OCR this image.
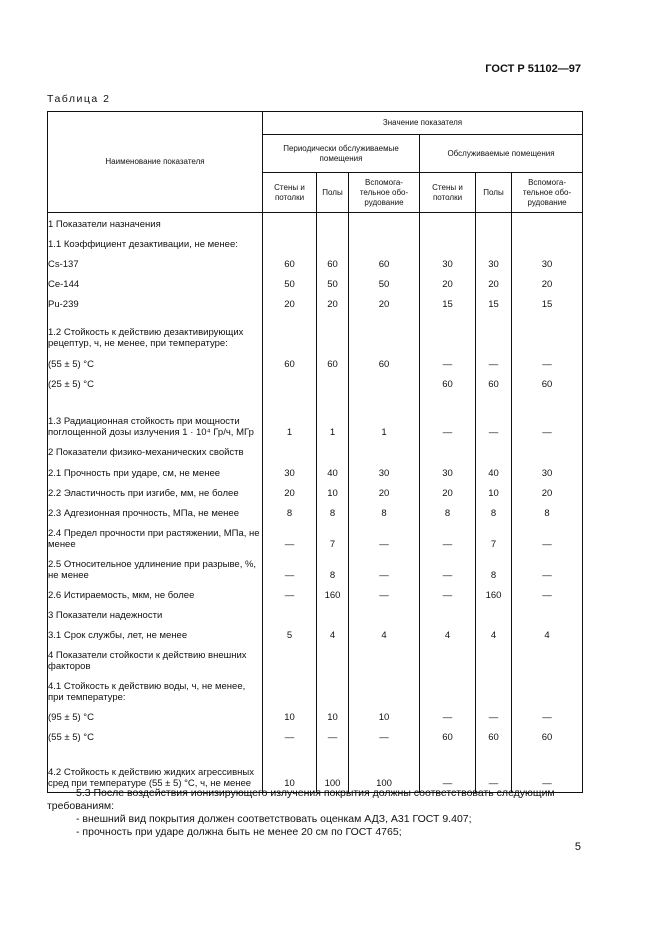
ГОСТ Р 51102—97
Таблица 2
Наименование показателя	Значение показателя					
	Периодически обслуживаемые помещения			Обслуживаемые помещения		
	Стены и потолки	Полы	Вспомога-тельное обо-рудование	Стены и потолки	Полы	Вспомога-тельное обо-рудование
1 Показатели назначения						
1.1 Коэффициент дезактивации, не менее:						
Cs-137	60	60	60	30	30	30
Ce-144	50	50	50	20	20	20
Pu-239	20	20	20	15	15	15
1.2 Стойкость к действию дезактивирующих рецептур, ч, не менее, при температуре:						
(55 ± 5) °С	60	60	60	—	—	—
(25 ± 5) °С				60	60	60
1.3 Радиационная стойкость при мощности поглощенной дозы излучения 1 · 10⁴ Гр/ч, МГр	1	1	1	—	—	—
2 Показатели физико-механических свойств						
2.1 Прочность при ударе, см, не менее	30	40	30	30	40	30
2.2 Эластичность при изгибе, мм, не более	20	10	20	20	10	20
2.3 Адгезионная прочность, МПа, не менее	8	8	8	8	8	8
2.4 Предел прочности при растяжении, МПа, не менее	—	7	—	—	7	—
2.5 Относительное удлинение при разрыве, %, не менее	—	8	—	—	8	—
2.6 Истираемость, мкм, не более	—	160	—	—	160	—
3 Показатели надежности						
3.1 Срок службы, лет, не менее	5	4	4	4	4	4
4 Показатели стойкости к действию внешних факторов						
4.1 Стойкость к действию воды, ч, не менее, при температуре:						
(95 ± 5) °С	10	10	10	—	—	—
(55 ± 5) °С	—	—	—	60	60	60
4.2 Стойкость к действию жидких агрессивных сред при температуре (55 ± 5) °С, ч, не менее	10	100	100	—	—	—
5.3 После воздействия ионизирующего излучения покрытия должны соответствовать следующим требованиям:
- внешний вид покрытия должен соответствовать оценкам АДЗ, А31 ГОСТ 9.407;
- прочность при ударе должна быть не менее 20 см по ГОСТ 4765;
5
